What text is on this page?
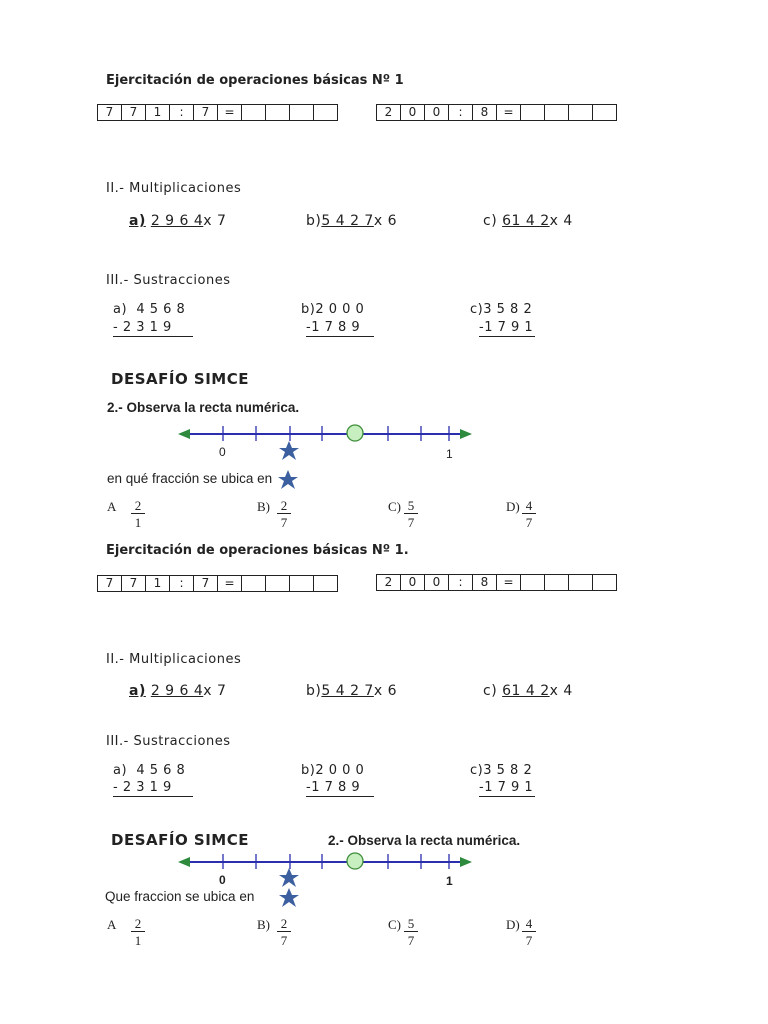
Ejercitación de operaciones básicas Nº 1
7	7	1	:	7	=					2	0	0	:	8	=				
II.- Multiplicaciones
a) 2 9 6 4x 7	b)5 4 2 7x 6	c) 61 4 2x 4
III.- Sustracciones
a) 4 5 6 8
- 2 3 1 9
b)2 0 0 0
-1 7 8 9
c)3 5 8 2
-1 7 9 1
DESAFÍO SIMCE
2.- Observa la recta numérica.
0	1
en qué fracción se ubica en
A 2
1
B) 2
7
C) 5
7
D) 4
7
Ejercitación de operaciones básicas Nº 1.
7	7	1	:	7	=					2	0	0	:	8	=				
II.- Multiplicaciones
a) 2 9 6 4x 7	b)5 4 2 7x 6	c) 61 4 2x 4
III.- Sustracciones
a) 4 5 6 8
- 2 3 1 9
b)2 0 0 0
-1 7 8 9
c)3 5 8 2
-1 7 9 1
DESAFÍO SIMCE	2.- Observa la recta numérica.
0	1
Que fraccion se ubica en
A 2
1
B) 2
7
C) 5
7
D) 4
7
